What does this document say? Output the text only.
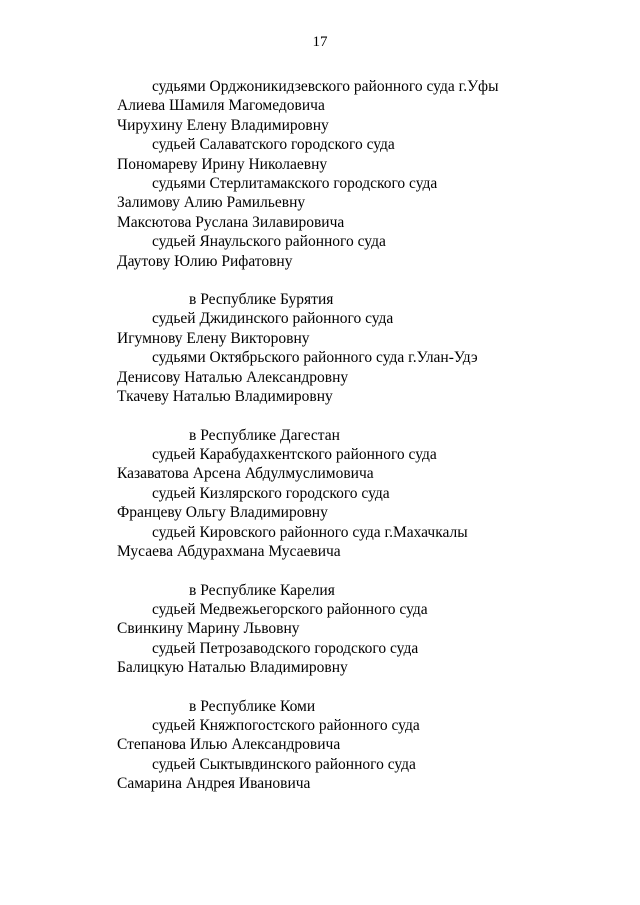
17
судьями Орджоникидзевского районного суда г.Уфы
Алиева Шамиля Магомедовича
Чирухину Елену Владимировну
судьей Салаватского городского суда
Пономареву Ирину Николаевну
судьями Стерлитамакского городского суда
Залимову Алию Рамильевну
Максютова Руслана Зилавировича
судьей Янаульского районного суда
Даутову Юлию Рифатовну
в Республике Бурятия
судьей Джидинского районного суда
Игумнову Елену Викторовну
судьями Октябрьского районного суда г.Улан-Удэ
Денисову Наталью Александровну
Ткачеву Наталью Владимировну
в Республике Дагестан
судьей Карабудахкентского районного суда
Казаватова Арсена Абдулмуслимовича
судьей Кизлярского городского суда
Францеву Ольгу Владимировну
судьей Кировского районного суда г.Махачкалы
Мусаева Абдурахмана Мусаевича
в Республике Карелия
судьей Медвежьегорского районного суда
Свинкину Марину Львовну
судьей Петрозаводского городского суда
Балицкую Наталью Владимировну
в Республике Коми
судьей Княжпогостского районного суда
Степанова Илью Александровича
судьей Сыктывдинского районного суда
Самарина Андрея Ивановича
